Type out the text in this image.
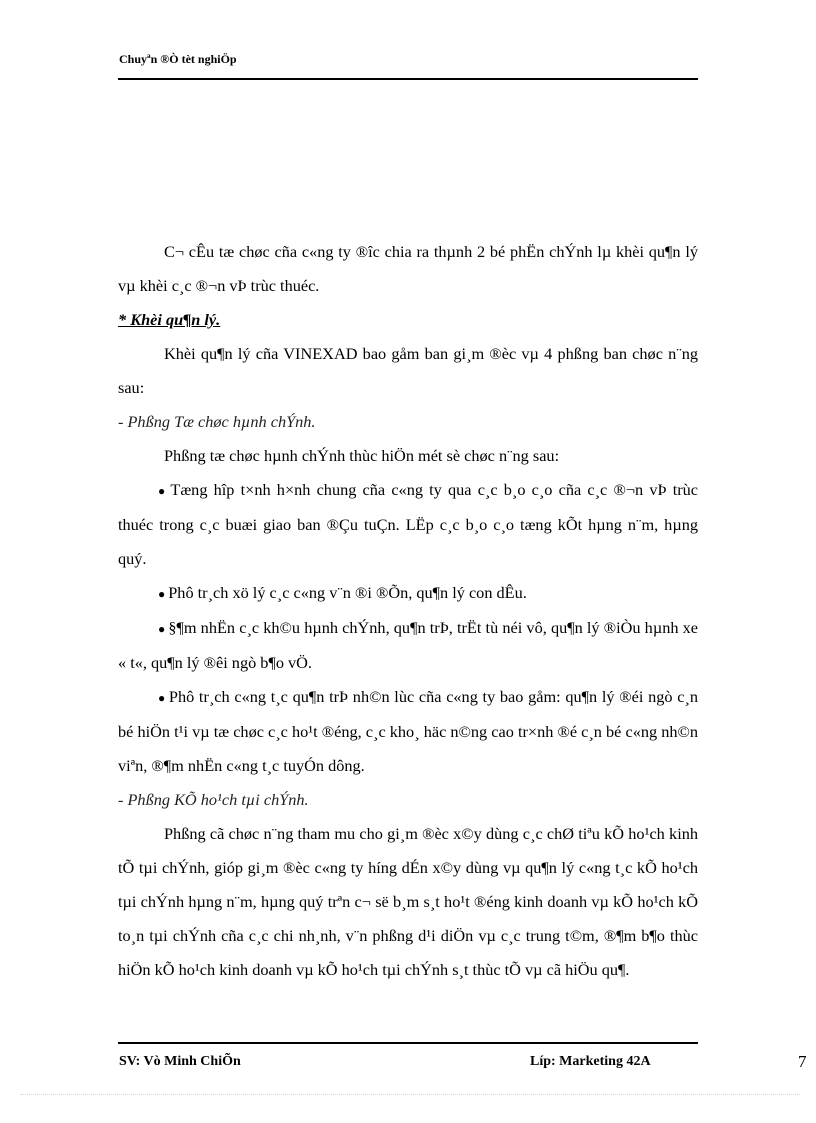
Chuyªn ®Ò tèt nghiÖp

C¬ cÊu tæ chøc cña c«ng ty ®îc chia ra thµnh 2 bé phËn chÝnh lµ khèi qu¶n lý vµ khèi c¸c ®¬n vÞ trùc thuéc.

* Khèi qu¶n lý.

Khèi qu¶n lý cña VINEXAD bao gåm ban gi¸m ®èc vµ 4 phßng ban chøc n¨ng sau:

- Phßng Tæ chøc hµnh chÝnh.

Phßng tæ chøc hµnh chÝnh thùc hiÖn mét sè chøc n¨ng sau:

● Tæng hîp t×nh h×nh chung cña c«ng ty qua c¸c b¸o c¸o cña c¸c ®¬n vÞ trùc thuéc trong c¸c buæi giao ban ®Çu tuÇn. LËp c¸c b¸o c¸o tæng kÕt hµng n¨m, hµng quý.

● Phô tr¸ch xö lý c¸c c«ng v¨n ®i ®Õn, qu¶n lý con dÊu.

● §¶m nhËn c¸c kh©u hµnh chÝnh, qu¶n trÞ, trËt tù néi vô, qu¶n lý ®iÒu hµnh xe « t«, qu¶n lý ®êi ngò b¶o vÖ.

● Phô tr¸ch c«ng t¸c qu¶n trÞ nh©n lùc cña c«ng ty bao gåm: qu¶n lý ®éi ngò c¸n bé hiÖn t¹i vµ tæ chøc c¸c ho¹t ®éng, c¸c kho¸ häc n©ng cao tr×nh ®é c¸n bé c«ng nh©n viªn, ®¶m nhËn c«ng t¸c tuyÓn dông.

- Phßng KÕ ho¹ch tµi chÝnh.

Phßng cã chøc n¨ng tham mu cho gi¸m ®èc x©y dùng c¸c chØ tiªu kÕ ho¹ch kinh tÕ tµi chÝnh, gióp gi¸m ®èc c«ng ty híng dÉn x©y dùng vµ qu¶n lý c«ng t¸c kÕ ho¹ch tµi chÝnh hµng n¨m, hµng quý trªn c¬ së b¸m s¸t ho¹t ®éng kinh doanh vµ kÕ ho¹ch kÕ to¸n tµi chÝnh cña c¸c chi nh¸nh, v¨n phßng d¹i diÖn vµ c¸c trung t©m, ®¶m b¶o thùc hiÖn kÕ ho¹ch kinh doanh vµ kÕ ho¹ch tµi chÝnh s¸t thùc tÕ vµ cã hiÖu qu¶.

SV: Vò Minh ChiÕn	Líp: Marketing 42A	7
